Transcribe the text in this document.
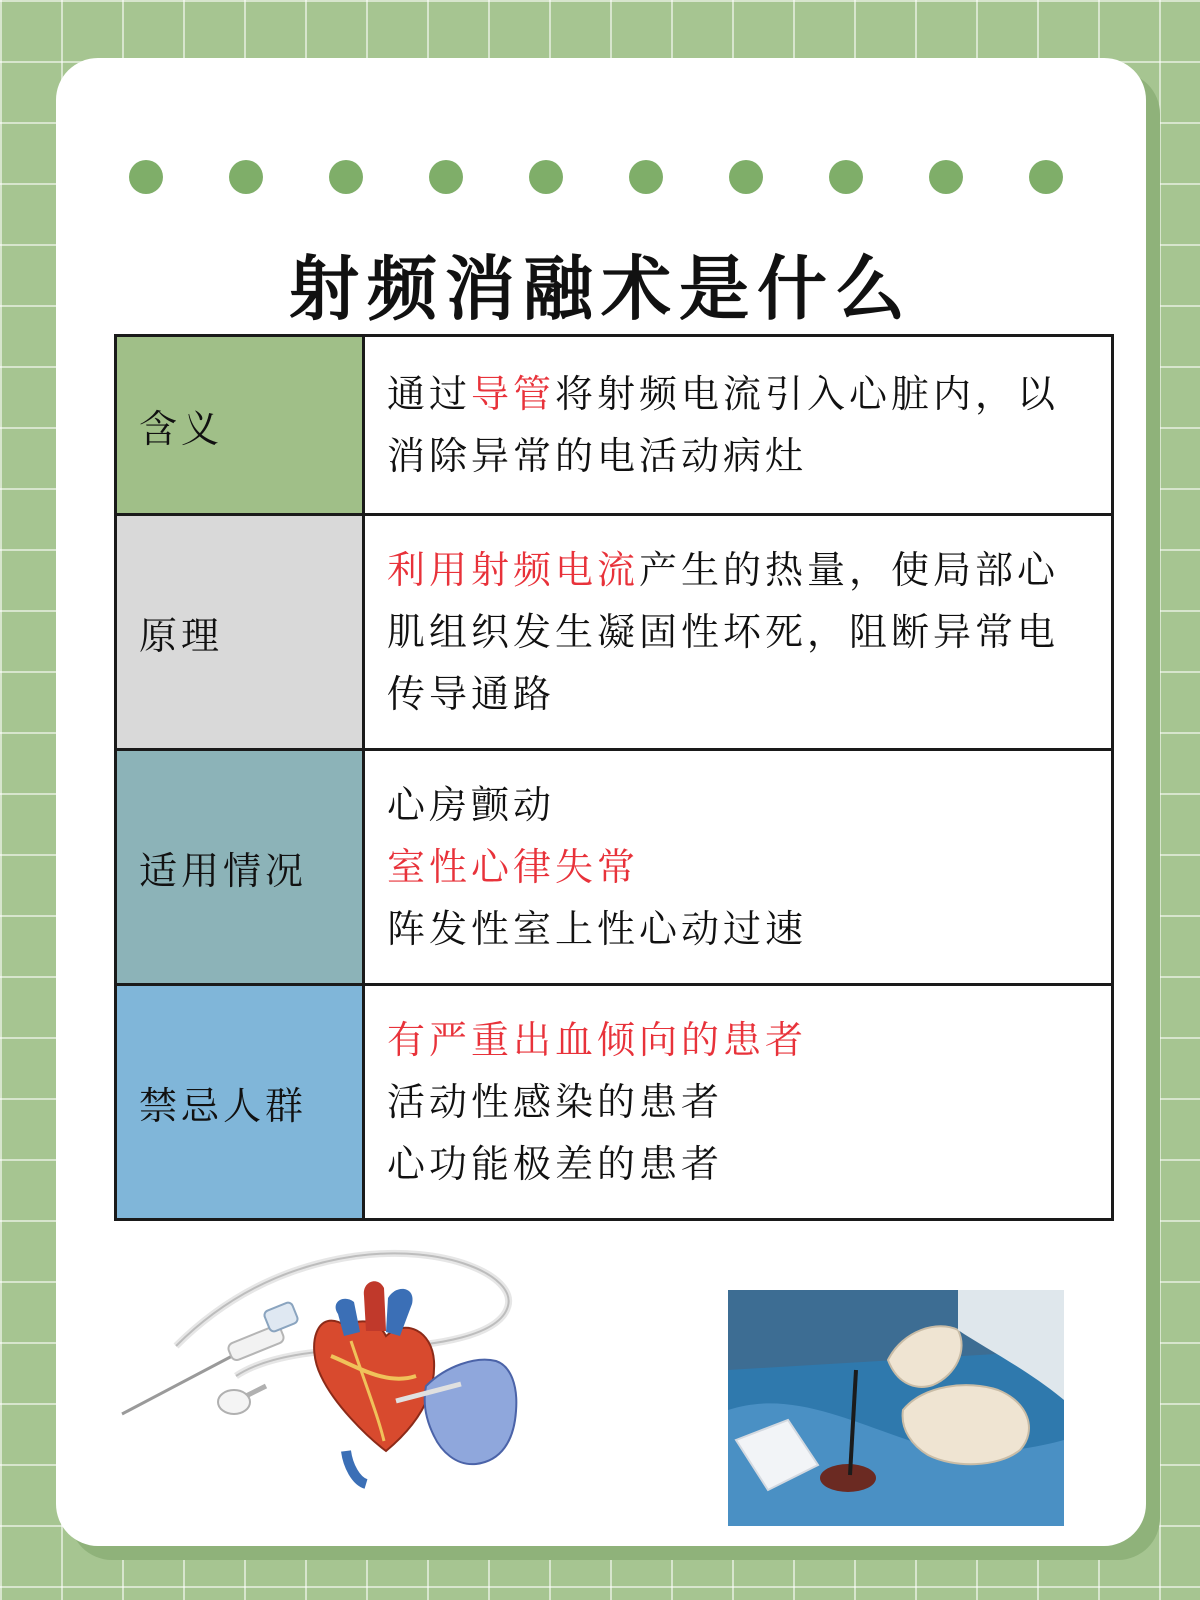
射频消融术是什么
含义	通过导管将射频电流引入心脏内，以
消除异常的电活动病灶

原理	利用射频电流产生的热量，使局部心
肌组织发生凝固性坏死，阻断异常电
传导通路

适用情况	心房颤动
室性心律失常
阵发性室上性心动过速

禁忌人群	有严重出血倾向的患者
活动性感染的患者
心功能极差的患者
